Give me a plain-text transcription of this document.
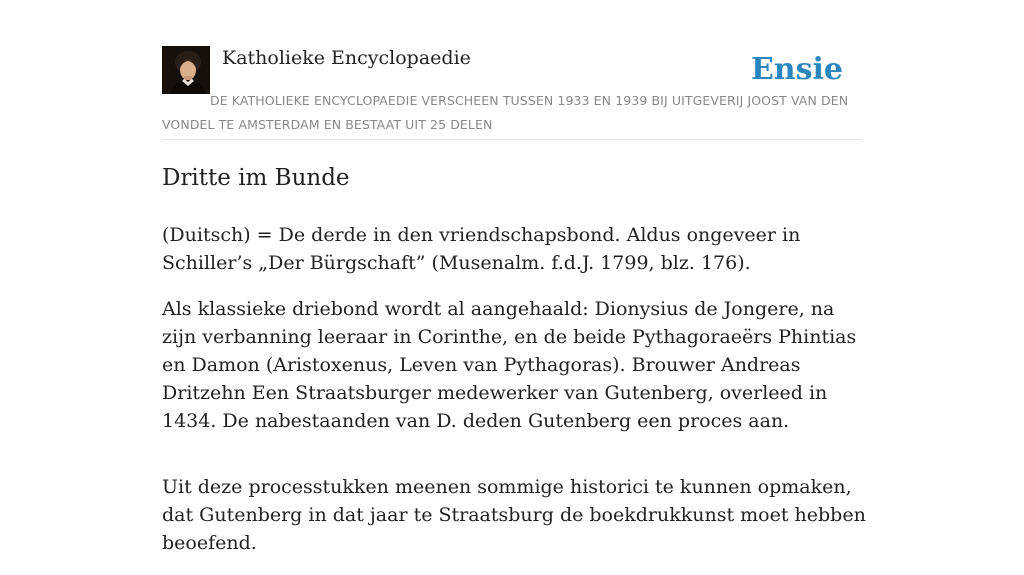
Katholieke Encyclopaedie	Ensie
DE KATHOLIEKE ENCYCLOPAEDIE VERSCHEEN TUSSEN 1933 EN 1939 BIJ UITGEVERIJ JOOST VAN DEN VONDEL TE AMSTERDAM EN BESTAAT UIT 25 DELEN
Dritte im Bunde

(Duitsch) = De derde in den vriendschapsbond. Aldus ongeveer in Schiller’s „Der Bürgschaft” (Musenalm. f.d.J. 1799, blz. 176).

Als klassieke driebond wordt al aangehaald: Dionysius de Jongere, na zijn verbanning leeraar in Corinthe, en de beide Pythagoraeërs Phintias en Damon (Aristoxenus, Leven van Pythagoras). Brouwer Andreas Dritzehn Een Straatsburger medewerker van Gutenberg, overleed in 1434. De nabestaanden van D. deden Gutenberg een proces aan.

Uit deze processtukken meenen sommige historici te kunnen opmaken, dat Gutenberg in dat jaar te Straatsburg de boekdrukkunst moet hebben beoefend.
